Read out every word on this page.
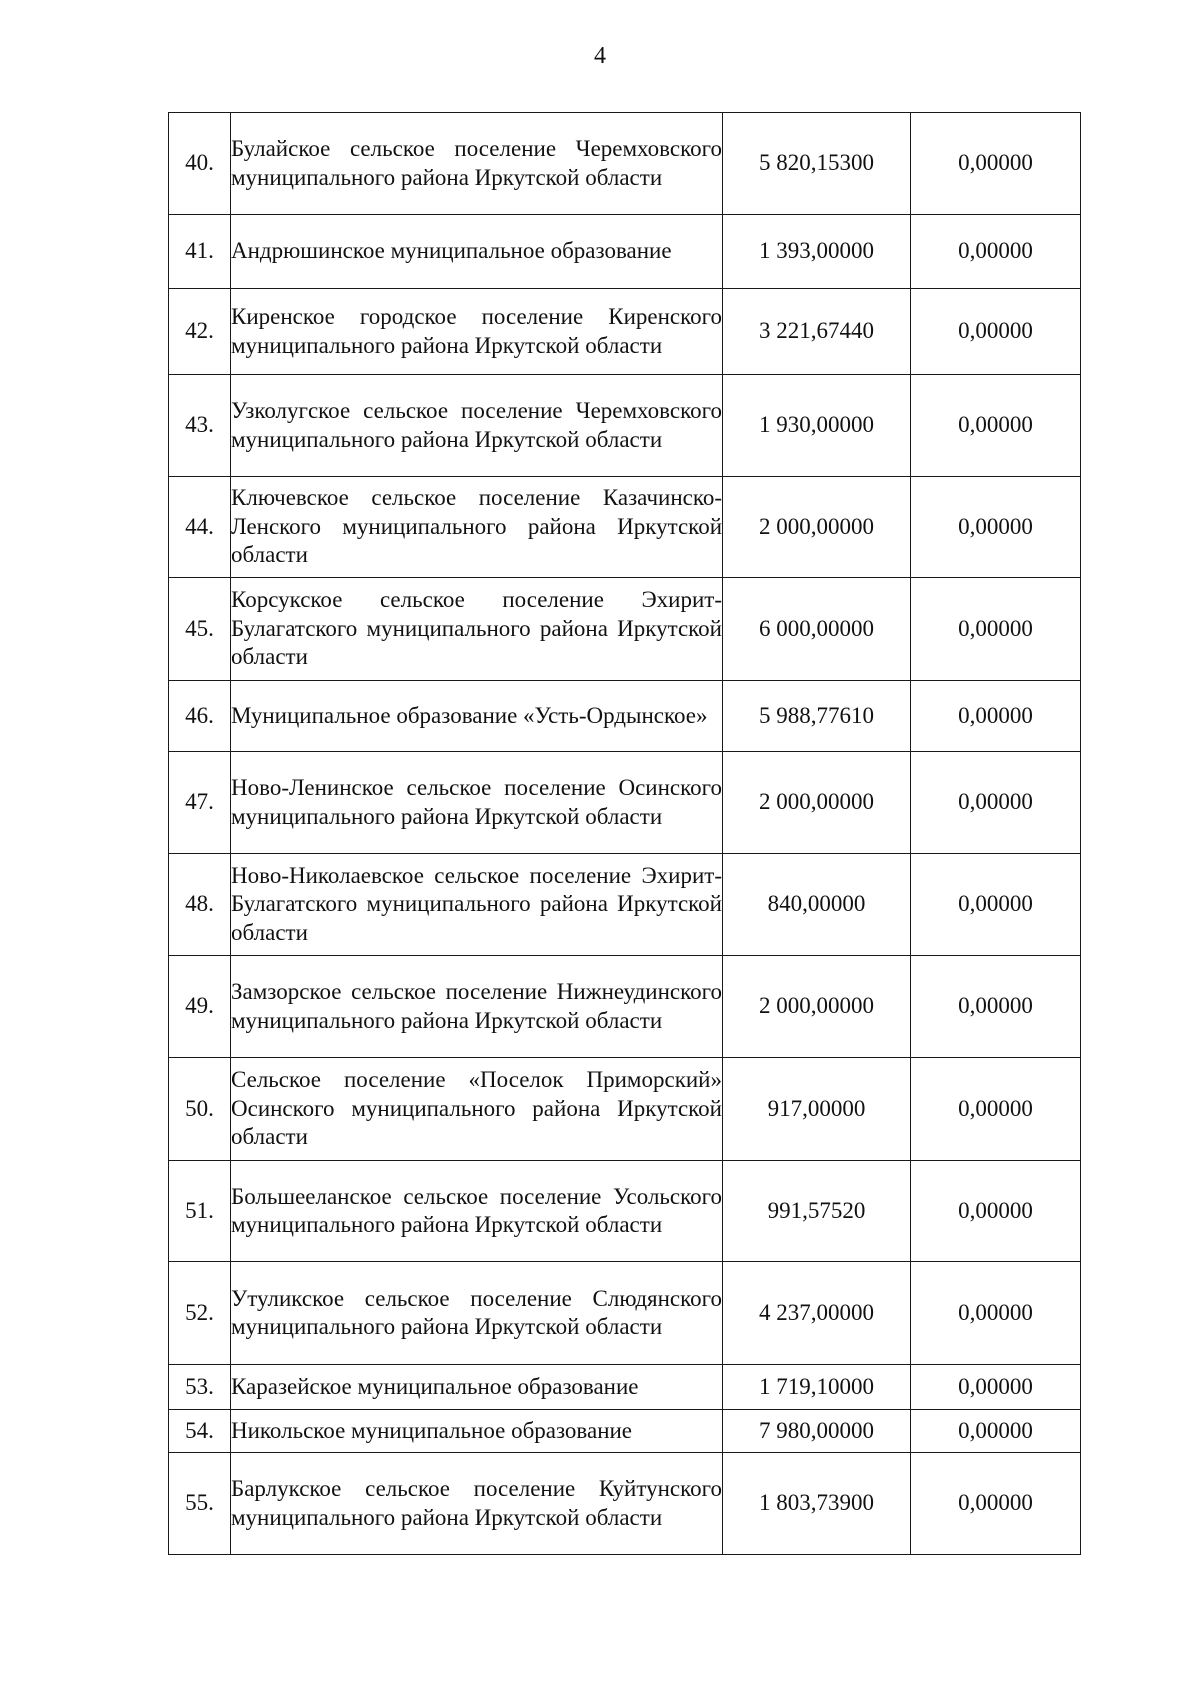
4
40.	Булайское сельское поселение Черемховского муниципального района Иркутской области	5 820,15300	0,00000
41.	Андрюшинское муниципальное образование	1 393,00000	0,00000
42.	Киренское городское поселение Киренского муниципального района Иркутской области	3 221,67440	0,00000
43.	Узколугское сельское поселение Черемховского муниципального района Иркутской области	1 930,00000	0,00000
44.	Ключевское сельское поселение Казачинско-Ленского муниципального района Иркутской области	2 000,00000	0,00000
45.	Корсукское сельское поселение Эхирит-Булагатского муниципального района Иркутской области	6 000,00000	0,00000
46.	Муниципальное образование «Усть-Ордынское»	5 988,77610	0,00000
47.	Ново-Ленинское сельское поселение Осинского муниципального района Иркутской области	2 000,00000	0,00000
48.	Ново-Николаевское сельское поселение Эхирит-Булагатского муниципального района Иркутской области	840,00000	0,00000
49.	Замзорское сельское поселение Нижнеудинского муниципального района Иркутской области	2 000,00000	0,00000
50.	Сельское поселение «Поселок Приморский» Осинского муниципального района Иркутской области	917,00000	0,00000
51.	Большееланское сельское поселение Усольского муниципального района Иркутской области	991,57520	0,00000
52.	Утуликское сельское поселение Слюдянского муниципального района Иркутской области	4 237,00000	0,00000
53.	Каразейское муниципальное образование	1 719,10000	0,00000
54.	Никольское муниципальное образование	7 980,00000	0,00000
55.	Барлукское сельское поселение Куйтунского муниципального района Иркутской области	1 803,73900	0,00000
